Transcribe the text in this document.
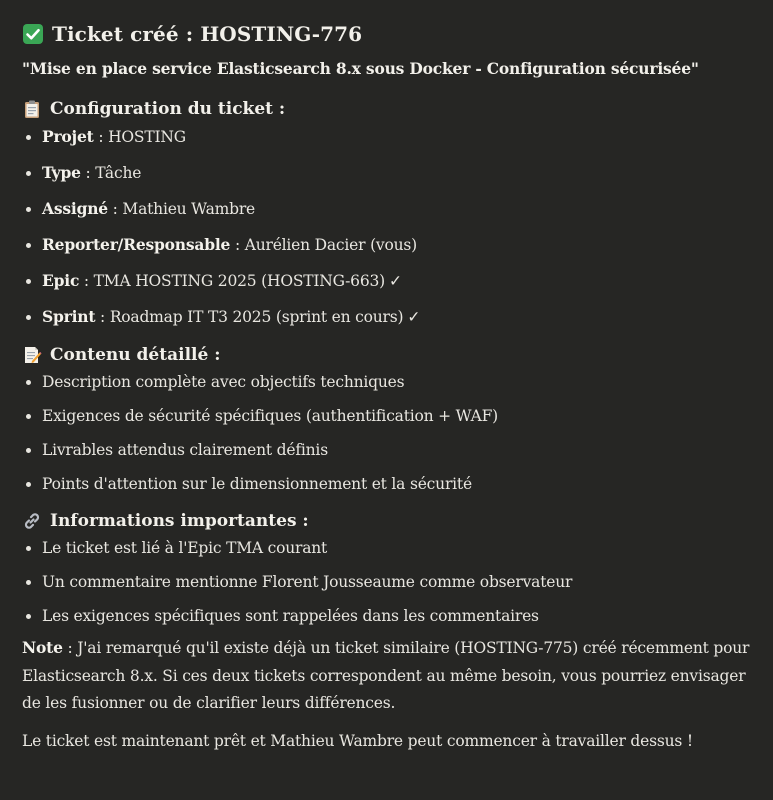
Ticket créé : HOSTING-776
"Mise en place service Elasticsearch 8.x sous Docker - Configuration sécurisée"
Configuration du ticket :
Projet : HOSTING
Type : Tâche
Assigné : Mathieu Wambre
Reporter/Responsable : Aurélien Dacier (vous)
Epic : TMA HOSTING 2025 (HOSTING-663) ✓
Sprint : Roadmap IT T3 2025 (sprint en cours) ✓
Contenu détaillé :
Description complète avec objectifs techniques
Exigences de sécurité spécifiques (authentification + WAF)
Livrables attendus clairement définis
Points d'attention sur le dimensionnement et la sécurité
Informations importantes :
Le ticket est lié à l'Epic TMA courant
Un commentaire mentionne Florent Jousseaume comme observateur
Les exigences spécifiques sont rappelées dans les commentaires
Note : J'ai remarqué qu'il existe déjà un ticket similaire (HOSTING-775) créé récemment pour Elasticsearch 8.x. Si ces deux tickets correspondent au même besoin, vous pourriez envisager de les fusionner ou de clarifier leurs différences.
Le ticket est maintenant prêt et Mathieu Wambre peut commencer à travailler dessus !
